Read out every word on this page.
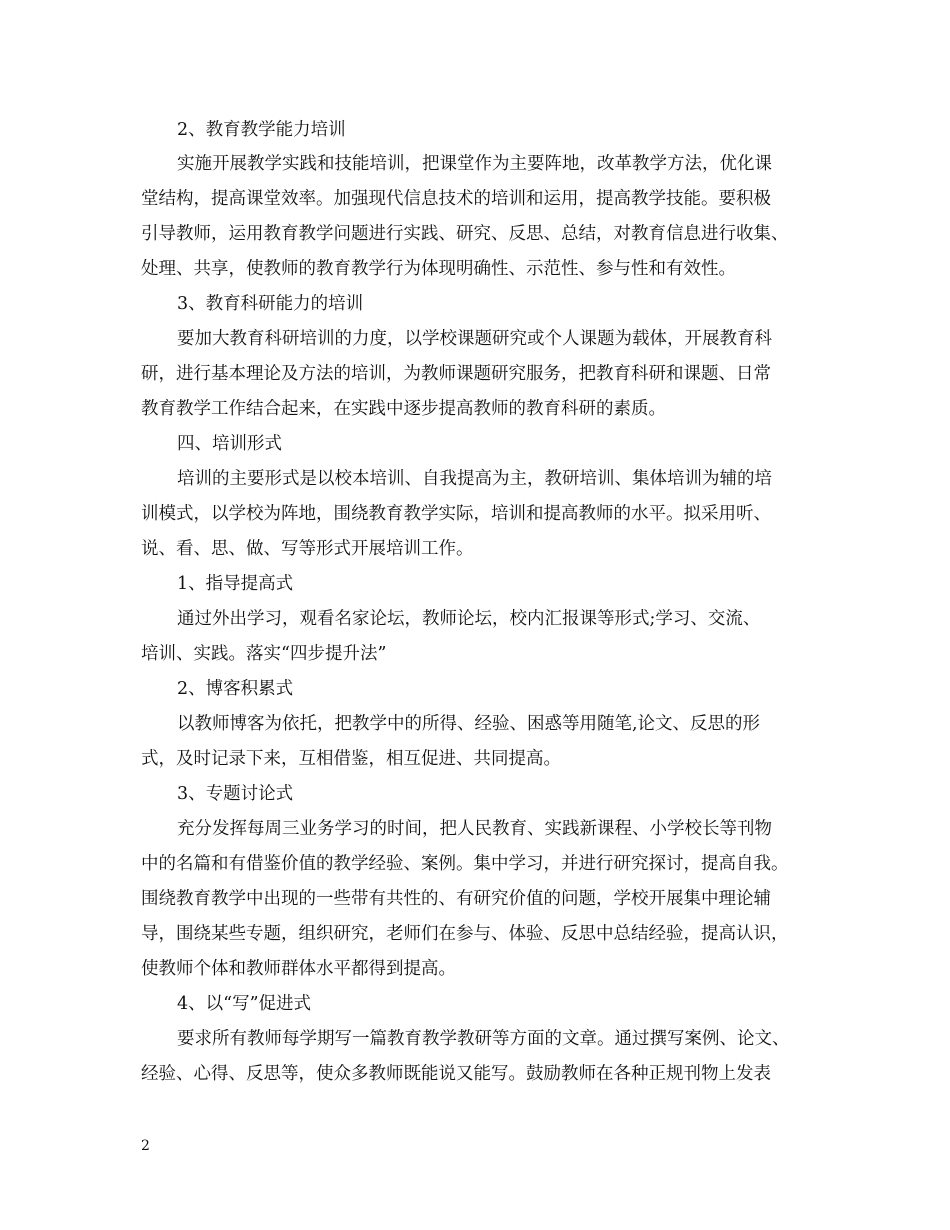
2、教育教学能力培训
实施开展教学实践和技能培训，把课堂作为主要阵地，改革教学方法，优化课
堂结构，提高课堂效率。加强现代信息技术的培训和运用，提高教学技能。要积极
引导教师，运用教育教学问题进行实践、研究、反思、总结，对教育信息进行收集、
处理、共享，使教师的教育教学行为体现明确性、示范性、参与性和有效性。
3、教育科研能力的培训
要加大教育科研培训的力度，以学校课题研究或个人课题为载体，开展教育科
研，进行基本理论及方法的培训，为教师课题研究服务，把教育科研和课题、日常
教育教学工作结合起来，在实践中逐步提高教师的教育科研的素质。
四、培训形式
培训的主要形式是以校本培训、自我提高为主，教研培训、集体培训为辅的培
训模式，以学校为阵地，围绕教育教学实际，培训和提高教师的水平。拟采用听、
说、看、思、做、写等形式开展培训工作。
1、指导提高式
通过外出学习，观看名家论坛，教师论坛，校内汇报课等形式;学习、交流、
培训、实践。落实“四步提升法”
2、博客积累式
以教师博客为依托，把教学中的所得、经验、困惑等用随笔,论文、反思的形
式，及时记录下来，互相借鉴，相互促进、共同提高。
3、专题讨论式
充分发挥每周三业务学习的时间，把人民教育、实践新课程、小学校长等刊物
中的名篇和有借鉴价值的教学经验、案例。集中学习，并进行研究探讨，提高自我。
围绕教育教学中出现的一些带有共性的、有研究价值的问题，学校开展集中理论辅
导，围绕某些专题，组织研究，老师们在参与、体验、反思中总结经验，提高认识，
使教师个体和教师群体水平都得到提高。
4、以“写”促进式
要求所有教师每学期写一篇教育教学教研等方面的文章。通过撰写案例、论文、
经验、心得、反思等，使众多教师既能说又能写。鼓励教师在各种正规刊物上发表
2
